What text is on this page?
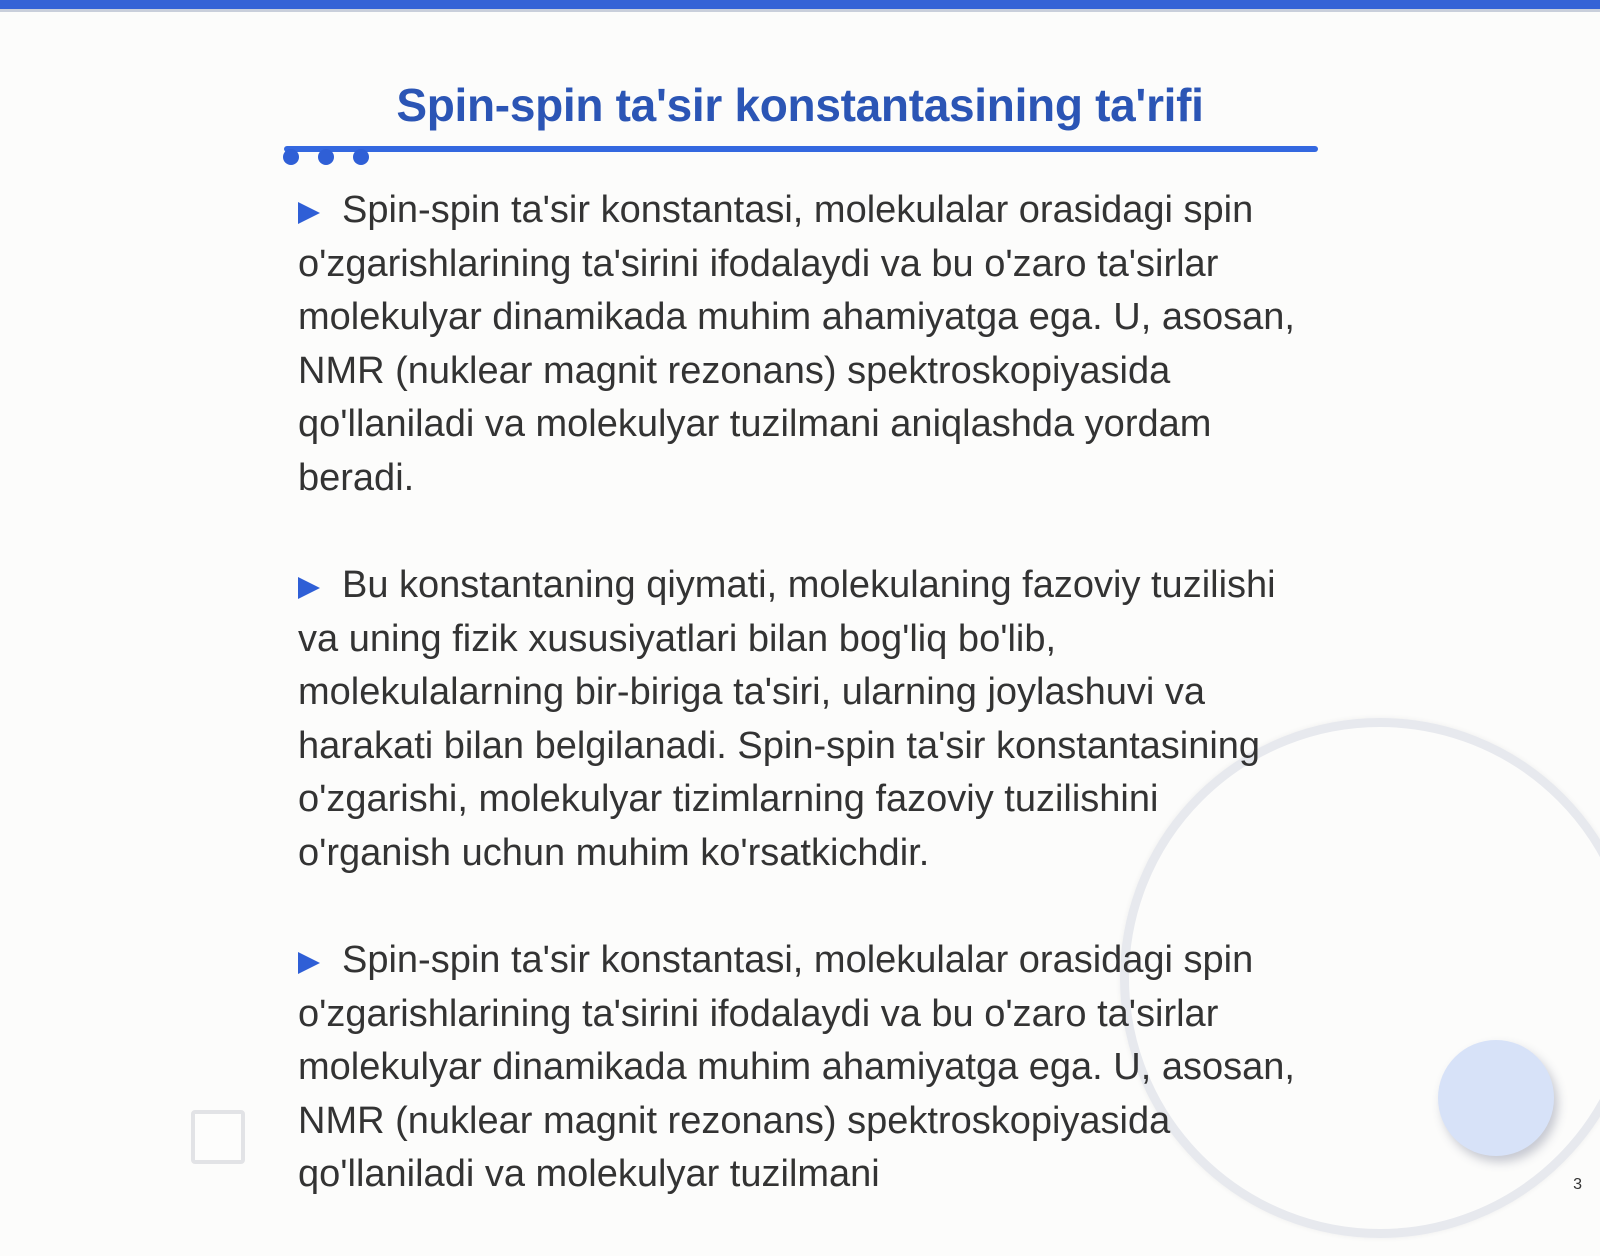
Spin-spin ta'sir konstantasining ta'rifi

Spin-spin ta'sir konstantasi, molekulalar orasidagi spin o'zgarishlarining ta'sirini ifodalaydi va bu o'zaro ta'sirlar molekulyar dinamikada muhim ahamiyatga ega. U, asosan, NMR (nuklear magnit rezonans) spektroskopiyasida qo'llaniladi va molekulyar tuzilmani aniqlashda yordam beradi.

Bu konstantaning qiymati, molekulaning fazoviy tuzilishi va uning fizik xususiyatlari bilan bog'liq bo'lib, molekulalarning bir-biriga ta'siri, ularning joylashuvi va harakati bilan belgilanadi. Spin-spin ta'sir konstantasining o'zgarishi, molekulyar tizimlarning fazoviy tuzilishini o'rganish uchun muhim ko'rsatkichdir.

Spin-spin ta'sir konstantasi, molekulalar orasidagi spin o'zgarishlarining ta'sirini ifodalaydi va bu o'zaro ta'sirlar molekulyar dinamikada muhim ahamiyatga ega. U, asosan, NMR (nuklear magnit rezonans) spektroskopiyasida qo'llaniladi va molekulyar tuzilmani	3
